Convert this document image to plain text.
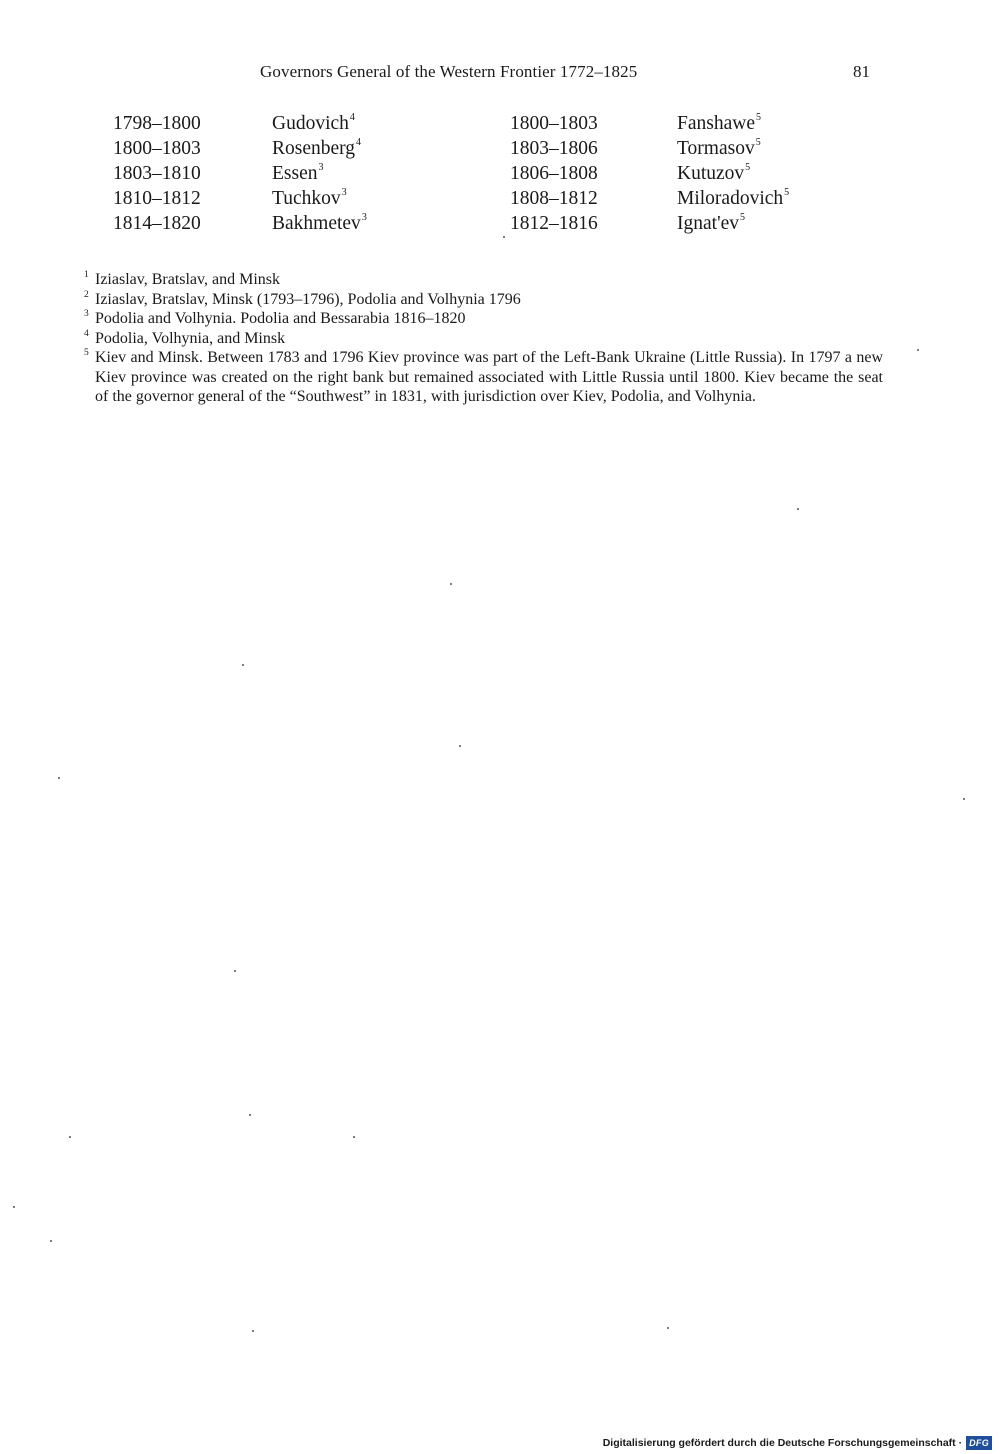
Governors General of the Western Frontier 1772–1825	81
1798–1800	Gudovich$^4$	1800–1803	Fanshawe$^5$
1800–1803	Rosenberg$^4$	1803–1806	Tormasov$^5$
1803–1810	Essen$^3$	1806–1808	Kutuzov$^5$
1810–1812	Tuchkov$^3$	1808–1812	Miloradovich$^5$
1814–1820	Bakhmetev$^3$	1812–1816	$Ignat'ev^5$
1 Iziaslav, Bratslav, and Minsk
2 Iziaslav, Bratslav, Minsk (1793–1796), Podolia and Volhynia 1796
3 Podolia and Volhynia. Podolia and Bessarabia 1816–1820
4 Podolia, Volhynia, and Minsk
5 Kiev and Minsk. Between 1783 and 1796 Kiev province was part of the Left-Bank Ukraine (Little Russia). In 1797 a new Kiev province was created on the right bank but remained associated with Little Russia until 1800. Kiev became the seat of the governor general of the “Southwest” in 1831, with jurisdiction over Kiev, Podolia, and Volhynia.
Digitalisierung gefördert durch die Deutsche Forschungsgemeinschaft · DFG
